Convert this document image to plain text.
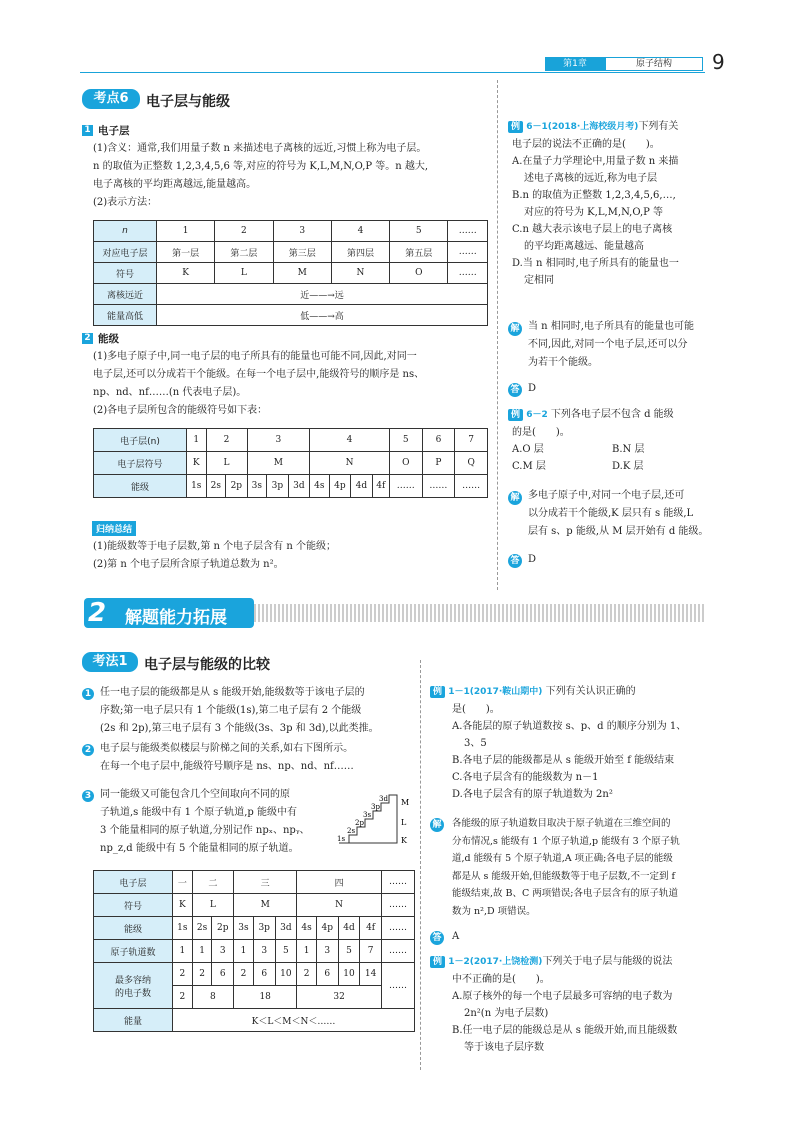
第1章	原子结构	9
考点6	电子层与能级
1 电子层
(1)含义：通常,我们用量子数 n 来描述电子离核的远近,习惯上称为电子层。
n 的取值为正整数 1,2,3,4,5,6 等,对应的符号为 K,L,M,N,O,P 等。n 越大,
电子离核的平均距离越远,能量越高。
(2)表示方法：
n	1	2	3	4	5	……
对应电子层	第一层	第二层	第三层	第四层	第五层	……
符号	K	L	M	N	O	……
离核远近	近——→远					
能量高低	低——→高					
2 能级
(1)多电子原子中,同一电子层的电子所具有的能量也可能不同,因此,对同一
电子层,还可以分成若干个能级。在每一个电子层中,能级符号的顺序是 ns、
np、nd、nf……(n 代表电子层)。
(2)各电子层所包含的能级符号如下表：
电子层(n)	1	2		3			4				5	6	7
电子层符号	K	L		M			N				O	P	Q
能级	1s	2s	2p	3s	3p	3d	4s	4p	4d	4f	……	……	……
归纳总结
(1)能级数等于电子层数,第 n 个电子层含有 n 个能级；
(2)第 n 个电子层所含原子轨道总数为 n²。
例 6－1(2018·上海校级月考)下列有关
电子层的说法不正确的是(　　)。
A.在量子力学理论中,用量子数 n 来描
述电子离核的远近,称为电子层
B.n 的取值为正整数 1,2,3,4,5,6,…,
对应的符号为 K,L,M,N,O,P 等
C.n 越大表示该电子层上的电子离核
的平均距离越远、能量越高
D.当 n 相同时,电子所具有的能量也一
定相同
解 当 n 相同时,电子所具有的能量也可能
不同,因此,对同一个电子层,还可以分
为若干个能级。
答 D
例 6－2 下列各电子层不包含 d 能级
的是(　　)。
A.O 层	B.N 层
C.M 层	D.K 层
解 多电子原子中,对同一个电子层,还可
以分成若干个能级,K 层只有 s 能级,L
层有 s、p 能级,从 M 层开始有 d 能级。
答 D
2 解题能力拓展
考法1	电子层与能级的比较
1 任一电子层的能级都是从 s 能级开始,能级数等于该电子层的
序数;第一电子层只有 1 个能级(1s),第二电子层有 2 个能级
(2s 和 2p),第三电子层有 3 个能级(3s、3p 和 3d),以此类推。
2 电子层与能级类似楼层与阶梯之间的关系,如右下图所示。
在每一个电子层中,能级符号顺序是 ns、np、nd、nf……
3 同一能级又可能包含几个空间取向不同的原
子轨道,s 能级中有 1 个原子轨道,p 能级中有
3 个能量相同的原子轨道,分别记作 npₓ、npᵧ、
np_z,d 能级中有 5 个能量相同的原子轨道。
1s
2s
2p
3s
3p
3d M
L
K
电子层	一	二		三			四				……
符号	K	L		M			N				……
能级	1s	2s	2p	3s	3p	3d	4s	4p	4d	4f	……
原子轨道数	1	1	3	1	3	5	1	3	5	7	……
最多容纳
的电子数	2	2	6	2	6	10	2	6	10	14	……
	2	8		18			32				
能量	K＜L＜M＜N＜……										
例 1－1(2017·鞍山期中) 下列有关认识正确的
是(　　)。
A.各能层的原子轨道数按 s、p、d 的顺序分别为 1、
3、5
B.各电子层的能级都是从 s 能级开始至 f 能级结束
C.各电子层含有的能级数为 n－1
D.各电子层含有的原子轨道数为 2n²
解 各能级的原子轨道数目取决于原子轨道在三维空间的
分布情况,s 能级有 1 个原子轨道,p 能级有 3 个原子轨
道,d 能级有 5 个原子轨道,A 项正确;各电子层的能级
都是从 s 能级开始,但能级数等于电子层数,不一定到 f
能级结束,故 B、C 两项错误;各电子层含有的原子轨道
数为 n²,D 项错误。
答 A
例 1－2(2017·上饶检测)下列关于电子层与能级的说法
中不正确的是(　　)。
A.原子核外的每一个电子层最多可容纳的电子数为
2n²(n 为电子层数)
B.任一电子层的能级总是从 s 能级开始,而且能级数
等于该电子层序数
